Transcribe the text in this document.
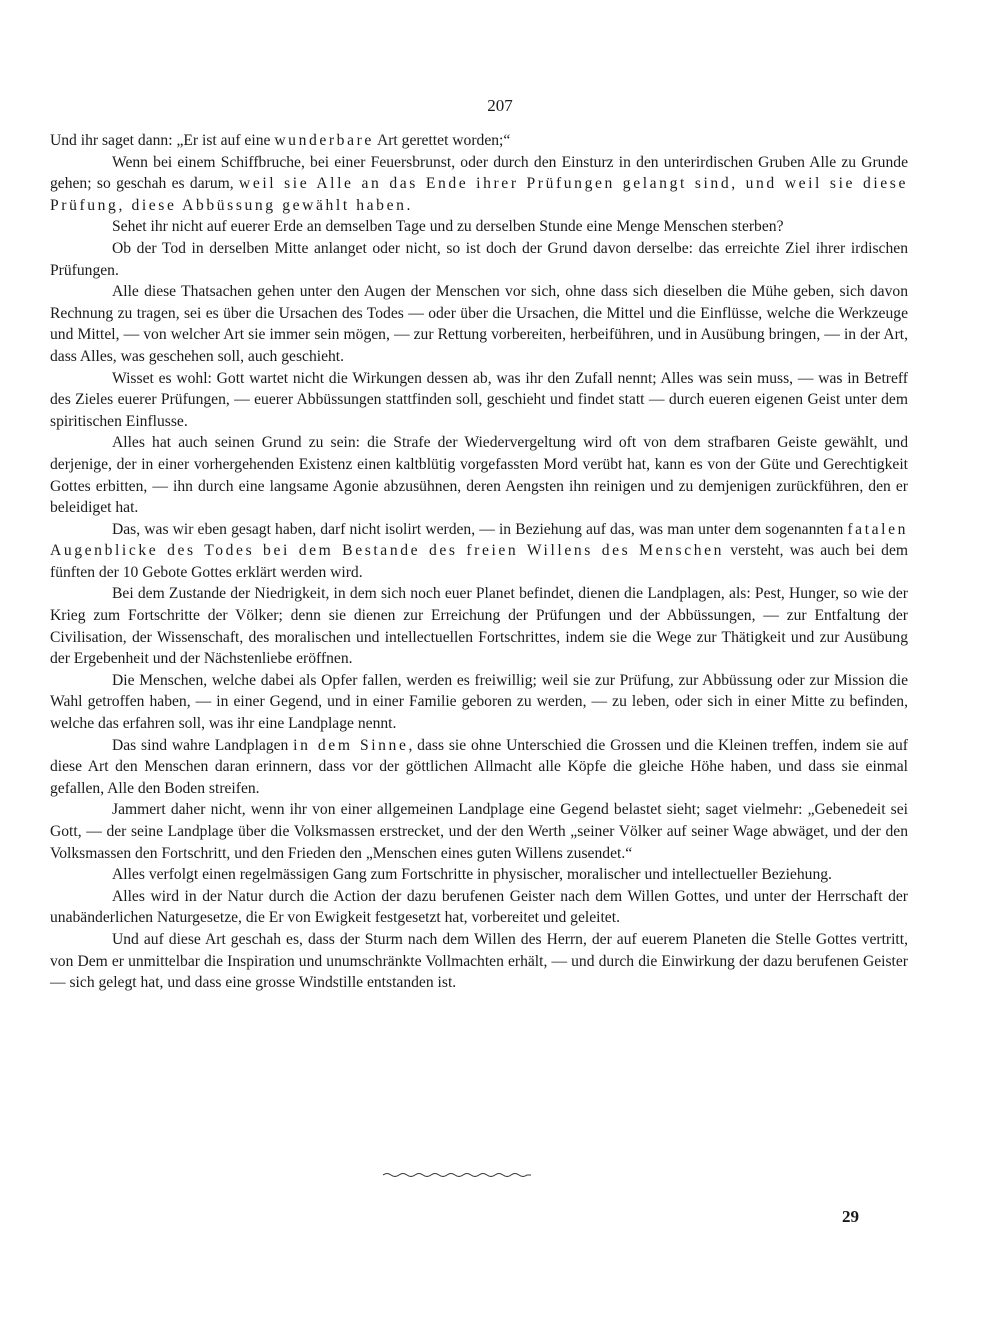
207

Und ihr saget dann: „Er ist auf eine wunderbare Art gerettet worden;“

Wenn bei einem Schiffbruche, bei einer Feuersbrunst, oder durch den Einsturz in den unterirdischen Gruben Alle zu Grunde gehen; so geschah es darum, weil sie Alle an das Ende ihrer Prüfungen gelangt sind, und weil sie diese Prüfung, diese Abbüssung gewählt haben.

Sehet ihr nicht auf euerer Erde an demselben Tage und zu derselben Stunde eine Menge Menschen sterben?

Ob der Tod in derselben Mitte anlanget oder nicht, so ist doch der Grund davon derselbe: das erreichte Ziel ihrer irdischen Prüfungen.

Alle diese Thatsachen gehen unter den Augen der Menschen vor sich, ohne dass sich dieselben die Mühe geben, sich davon Rechnung zu tragen, sei es über die Ursachen des Todes — oder über die Ursachen, die Mittel und die Einflüsse, welche die Werkzeuge und Mittel, — von welcher Art sie immer sein mögen, — zur Rettung vorbereiten, herbeiführen, und in Ausübung bringen, — in der Art, dass Alles, was geschehen soll, auch geschieht.

Wisset es wohl: Gott wartet nicht die Wirkungen dessen ab, was ihr den Zufall nennt; Alles was sein muss, — was in Betreff des Zieles euerer Prüfungen, — euerer Abbüssungen stattfinden soll, geschieht und findet statt — durch eueren eigenen Geist unter dem spiritischen Einflusse.

Alles hat auch seinen Grund zu sein: die Strafe der Wiedervergeltung wird oft von dem strafbaren Geiste gewählt, und derjenige, der in einer vorhergehenden Existenz einen kaltblütig vorgefassten Mord verübt hat, kann es von der Güte und Gerechtigkeit Gottes erbitten, — ihn durch eine langsame Agonie abzusühnen, deren Aengsten ihn reinigen und zu demjenigen zurückführen, den er beleidiget hat.

Das, was wir eben gesagt haben, darf nicht isolirt werden, — in Beziehung auf das, was man unter dem sogenannten fatalen Augenblicke des Todes bei dem Bestande des freien Willens des Menschen versteht, was auch bei dem fünften der 10 Gebote Gottes erklärt werden wird.

Bei dem Zustande der Niedrigkeit, in dem sich noch euer Planet befindet, dienen die Landplagen, als: Pest, Hunger, so wie der Krieg zum Fortschritte der Völker; denn sie dienen zur Erreichung der Prüfungen und der Abbüssungen, — zur Entfaltung der Civilisation, der Wissenschaft, des moralischen und intellectuellen Fortschrittes, indem sie die Wege zur Thätigkeit und zur Ausübung der Ergebenheit und der Nächstenliebe eröffnen.

Die Menschen, welche dabei als Opfer fallen, werden es freiwillig; weil sie zur Prüfung, zur Abbüssung oder zur Mission die Wahl getroffen haben, — in einer Gegend, und in einer Familie geboren zu werden, — zu leben, oder sich in einer Mitte zu befinden, welche das erfahren soll, was ihr eine Landplage nennt.

Das sind wahre Landplagen in dem Sinne, dass sie ohne Unterschied die Grossen und die Kleinen treffen, indem sie auf diese Art den Menschen daran erinnern, dass vor der göttlichen Allmacht alle Köpfe die gleiche Höhe haben, und dass sie einmal gefallen, Alle den Boden streifen.

Jammert daher nicht, wenn ihr von einer allgemeinen Landplage eine Gegend belastet sieht; saget vielmehr: „Gebenedeit sei Gott, — der seine Landplage über die Volksmassen erstrecket, und der den Werth „seiner Völker auf seiner Wage abwäget, und der den Volksmassen den Fortschritt, und den Frieden den „Menschen eines guten Willens zusendet.“

Alles verfolgt einen regelmässigen Gang zum Fortschritte in physischer, moralischer und intellectueller Beziehung.

Alles wird in der Natur durch die Action der dazu berufenen Geister nach dem Willen Gottes, und unter der Herrschaft der unabänderlichen Naturgesetze, die Er von Ewigkeit festgesetzt hat, vorbereitet und geleitet.

Und auf diese Art geschah es, dass der Sturm nach dem Willen des Herrn, der auf euerem Planeten die Stelle Gottes vertritt, von Dem er unmittelbar die Inspiration und unumschränkte Vollmachten erhält, — und durch die Einwirkung der dazu berufenen Geister — sich gelegt hat, und dass eine grosse Windstille entstanden ist.

29
